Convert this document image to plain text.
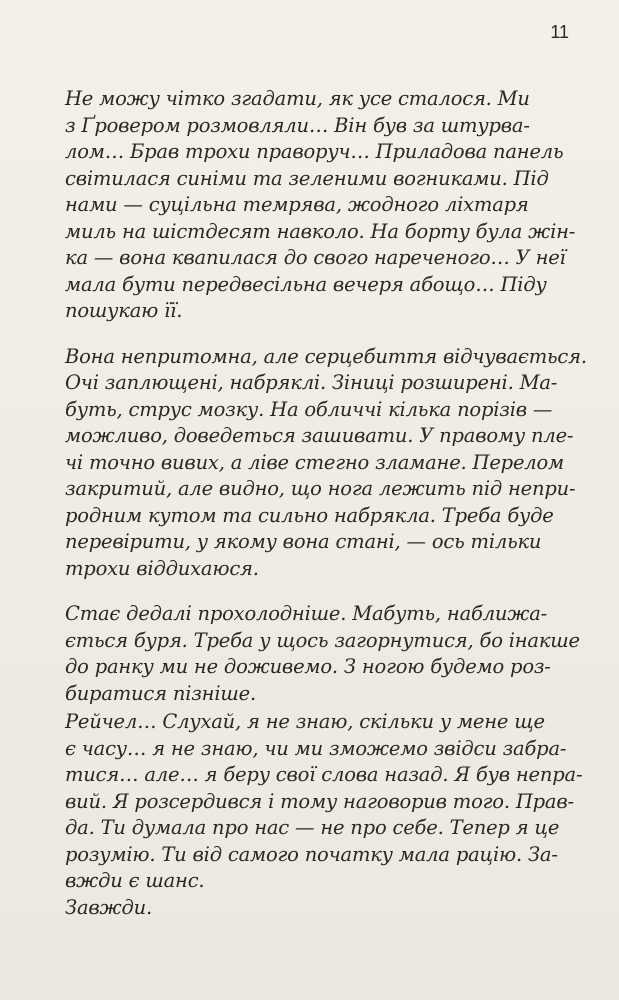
11
Не можу чітко згадати, як усе сталося. Ми
з Ґровером розмовляли… Він був за штурва-
лом… Брав трохи праворуч… Приладова панель
світилася синіми та зеленими вогниками. Під
нами — суцільна темрява, жодного ліхтаря
миль на шістдесят навколо. На борту була жін-
ка — вона квапилася до свого нареченого… У неї
мала бути передвесільна вечеря абощо… Піду
пошукаю її.
Вона непритомна, але серцебиття відчувається.
Очі заплющені, набряклі. Зіниці розширені. Ма-
буть, струс мозку. На обличчі кілька порізів —
можливо, доведеться зашивати. У правому пле-
чі точно вивих, а ліве стегно зламане. Перелом
закритий, але видно, що нога лежить під непри-
родним кутом та сильно набрякла. Треба буде
перевірити, у якому вона стані, — ось тільки
трохи віддихаюся.
Стає дедалі прохолодніше. Мабуть, наближа-
ється буря. Треба у щось загорнутися, бо інакше
до ранку ми не доживемо. З ногою будемо роз-
биратися пізніше.
Рейчел… Слухай, я не знаю, скільки у мене ще
є часу… я не знаю, чи ми зможемо звідси забра-
тися… але… я беру свої слова назад. Я був непра-
вий. Я розсердився і тому наговорив того. Прав-
да. Ти думала про нас — не про себе. Тепер я це
розумію. Ти від самого початку мала рацію. За-
вжди є шанс.
Завжди.
